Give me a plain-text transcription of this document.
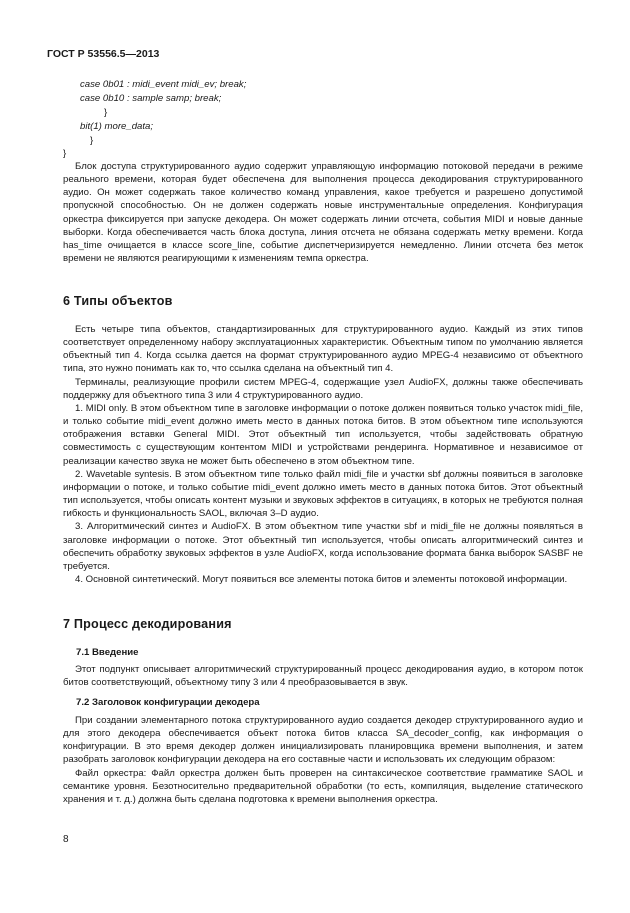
ГОСТ Р 53556.5—2013
case 0b01 : midi_event midi_ev; break;
case 0b10 : sample samp; break;
}
bit(1) more_data;
}
}

Блок доступа структурированного аудио содержит управляющую информацию потоковой передачи в режиме реального времени, которая будет обеспечена для выполнения процесса декодирования структурированного аудио. Он может содержать такое количество команд управления, какое требуется и разрешено допустимой пропускной способностью. Он не должен содержать новые инструментальные определения. Конфигурация оркестра фиксируется при запуске декодера. Он может содержать линии отсчета, события MIDI и новые данные выборки. Когда обеспечивается часть блока доступа, линия отсчета не обязана содержать метку времени. Когда has_time очищается в классе score_line, событие диспетчеризируется немедленно. Линии отсчета без меток времени не являются реагирующими к изменениям темпа оркестра.

6 Типы объектов

Есть четыре типа объектов, стандартизированных для структурированного аудио. Каждый из этих типов соответствует определенному набору эксплуатационных характеристик. Объектным типом по умолчанию является объектный тип 4. Когда ссылка дается на формат структурированного аудио MPEG-4 независимо от объектного типа, это нужно понимать как то, что ссылка сделана на объектный тип 4.

Терминалы, реализующие профили систем MPEG-4, содержащие узел AudioFX, должны также обеспечивать поддержку для объектного типа 3 или 4 структурированного аудио.

1. MIDI only. В этом объектном типе в заголовке информации о потоке должен появиться только участок midi_file, и только событие midi_event должно иметь место в данных потока битов. В этом объектном типе используются отображения вставки General MIDI. Этот объектный тип используется, чтобы задействовать обратную совместимость с существующим контентом MIDI и устройствами рендеринга. Нормативное и независимое от реализации качество звука не может быть обеспечено в этом объектном типе.

2. Wavetable syntesis. В этом объектном типе только файл midi_file и участки sbf должны появиться в заголовке информации о потоке, и только событие midi_event должно иметь место в данных потока битов. Этот объектный тип используется, чтобы описать контент музыки и звуковых эффектов в ситуациях, в которых не требуются полная гибкость и функциональность SAOL, включая 3–D аудио.

3. Алгоритмический синтез и AudioFX. В этом объектном типе участки sbf и midi_file не должны появляться в заголовке информации о потоке. Этот объектный тип используется, чтобы описать алгоритмический синтез и обеспечить обработку звуковых эффектов в узле AudioFX, когда использование формата банка выборок SASBF не требуется.

4. Основной синтетический. Могут появиться все элементы потока битов и элементы потоковой информации.

7 Процесс декодирования
7.1 Введение

Этот подпункт описывает алгоритмический структурированный процесс декодирования аудио, в котором поток битов соответствующий, объектному типу 3 или 4 преобразовывается в звук.

7.2 Заголовок конфигурации декодера

При создании элементарного потока структурированного аудио создается декодер структурированного аудио и для этого декодера обеспечивается объект потока битов класса SA_decoder_config, как информация о конфигурации. В это время декодер должен инициализировать планировщика времени выполнения, и затем разобрать заголовок конфигурации декодера на его составные части и использовать их следующим образом:

Файл оркестра: Файл оркестра должен быть проверен на синтаксическое соответствие грамматике SAOL и семантике уровня. Безотносительно предварительной обработки (то есть, компиляция, выделение статического хранения и т. д.) должна быть сделана подготовка к времени выполнения оркестра.

8
